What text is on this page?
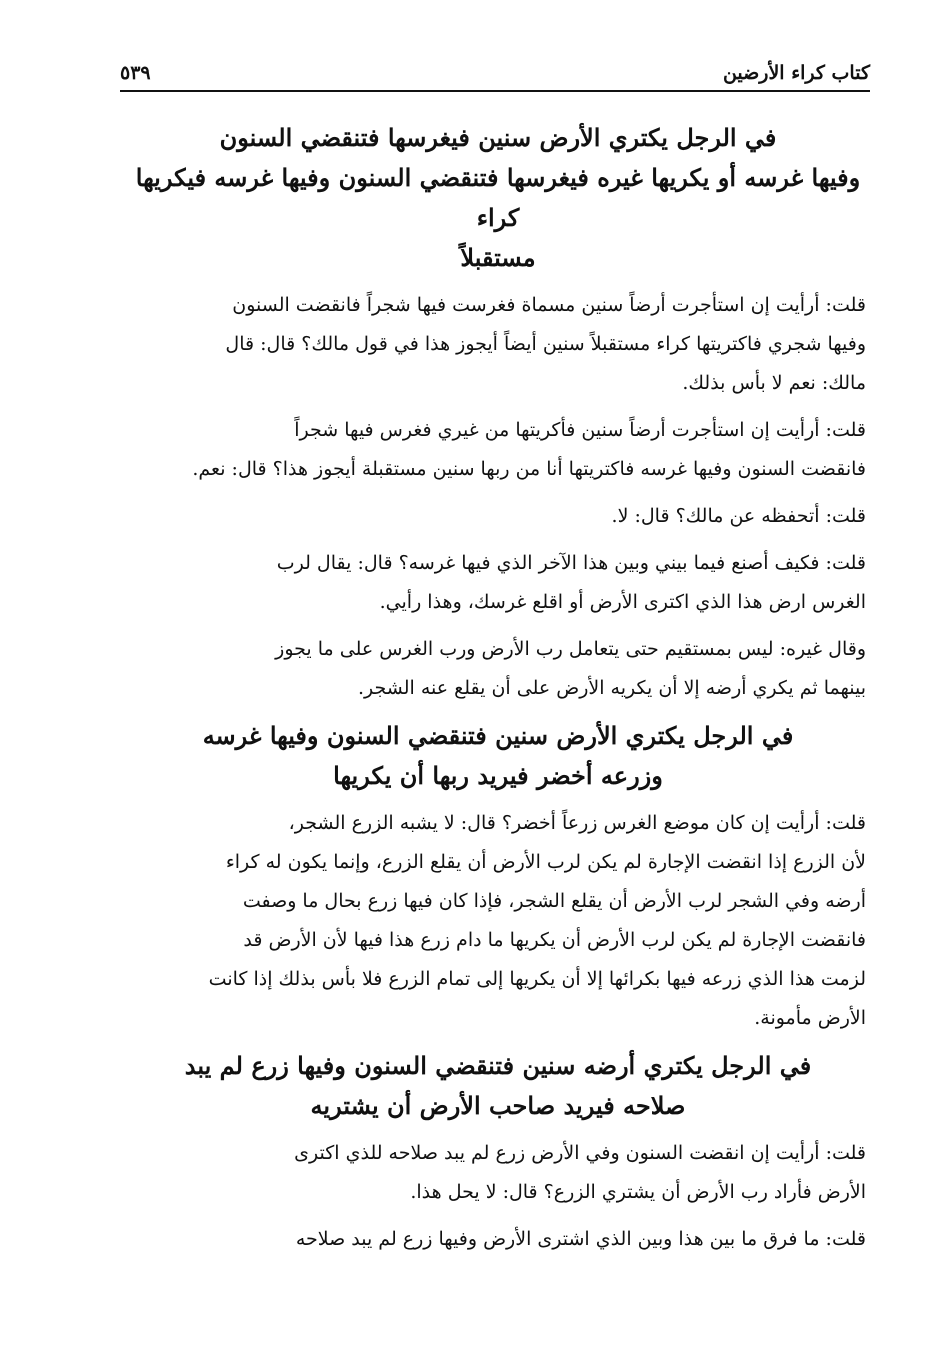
كتاب كراء الأرضين
٥٣٩
في الرجل يكتري الأرض سنين فيغرسها فتنقضي السنون
وفيها غرسه أو يكريها غيره فيغرسها فتنقضي السنون وفيها غرسه فيكريها كراء
مستقبلاً
قلت: أرأيت إن استأجرت أرضاً سنين مسماة فغرست فيها شجراً فانقضت السنون
وفيها شجري فاكتريتها كراء مستقبلاً سنين أيضاً أيجوز هذا في قول مالك؟ قال: قال
مالك: نعم لا بأس بذلك.
قلت: أرأيت إن استأجرت أرضاً سنين فأكريتها من غيري فغرس فيها شجراً
فانقضت السنون وفيها غرسه فاكتريتها أنا من ربها سنين مستقبلة أيجوز هذا؟ قال: نعم.
قلت: أتحفظه عن مالك؟ قال: لا.
قلت: فكيف أصنع فيما بيني وبين هذا الآخر الذي فيها غرسه؟ قال: يقال لرب
الغرس ارض هذا الذي اكترى الأرض أو اقلع غرسك، وهذا رأيي.
وقال غيره: ليس بمستقيم حتى يتعامل رب الأرض ورب الغرس على ما يجوز
بينهما ثم يكري أرضه إلا أن يكريه الأرض على أن يقلع عنه الشجر.
في الرجل يكتري الأرض سنين فتنقضي السنون وفيها غرسه
وزرعه أخضر فيريد ربها أن يكريها
قلت: أرأيت إن كان موضع الغرس زرعاً أخضر؟ قال: لا يشبه الزرع الشجر،
لأن الزرع إذا انقضت الإجارة لم يكن لرب الأرض أن يقلع الزرع، وإنما يكون له كراء
أرضه وفي الشجر لرب الأرض أن يقلع الشجر، فإذا كان فيها زرع بحال ما وصفت
فانقضت الإجارة لم يكن لرب الأرض أن يكريها ما دام زرع هذا فيها لأن الأرض قد
لزمت هذا الذي زرعه فيها بكرائها إلا أن يكريها إلى تمام الزرع فلا بأس بذلك إذا كانت
الأرض مأمونة.
في الرجل يكتري أرضه سنين فتنقضي السنون وفيها زرع لم يبد
صلاحه فيريد صاحب الأرض أن يشتريه
قلت: أرأيت إن انقضت السنون وفي الأرض زرع لم يبد صلاحه للذي اكترى
الأرض فأراد رب الأرض أن يشتري الزرع؟ قال: لا يحل هذا.
قلت: ما فرق ما بين هذا وبين الذي اشترى الأرض وفيها زرع لم يبد صلاحه
